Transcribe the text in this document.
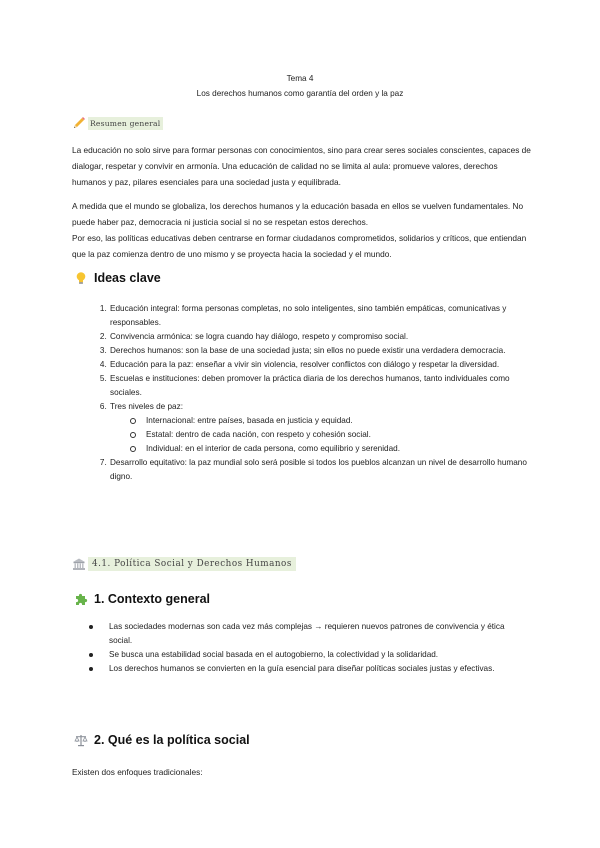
Tema 4
Los derechos humanos como garantía del orden y la paz
Resumen general
La educación no solo sirve para formar personas con conocimientos, sino para crear seres sociales conscientes, capaces de dialogar, respetar y convivir en armonía. Una educación de calidad no se limita al aula: promueve valores, derechos humanos y paz, pilares esenciales para una sociedad justa y equilibrada.
A medida que el mundo se globaliza, los derechos humanos y la educación basada en ellos se vuelven fundamentales. No puede haber paz, democracia ni justicia social si no se respetan estos derechos.
Por eso, las políticas educativas deben centrarse en formar ciudadanos comprometidos, solidarios y críticos, que entiendan que la paz comienza dentro de uno mismo y se proyecta hacia la sociedad y el mundo.
Ideas clave
1. Educación integral: forma personas completas, no solo inteligentes, sino también empáticas, comunicativas y responsables.
2. Convivencia armónica: se logra cuando hay diálogo, respeto y compromiso social.
3. Derechos humanos: son la base de una sociedad justa; sin ellos no puede existir una verdadera democracia.
4. Educación para la paz: enseñar a vivir sin violencia, resolver conflictos con diálogo y respetar la diversidad.
5. Escuelas e instituciones: deben promover la práctica diaria de los derechos humanos, tanto individuales como sociales.
6. Tres niveles de paz:
Internacional: entre países, basada en justicia y equidad.
Estatal: dentro de cada nación, con respeto y cohesión social.
Individual: en el interior de cada persona, como equilibrio y serenidad.
7. Desarrollo equitativo: la paz mundial solo será posible si todos los pueblos alcanzan un nivel de desarrollo humano digno.
4.1. Política Social y Derechos Humanos
1. Contexto general
Las sociedades modernas son cada vez más complejas → requieren nuevos patrones de convivencia y ética social.
Se busca una estabilidad social basada en el autogobierno, la colectividad y la solidaridad.
Los derechos humanos se convierten en la guía esencial para diseñar políticas sociales justas y efectivas.
2. Qué es la política social
Existen dos enfoques tradicionales:
